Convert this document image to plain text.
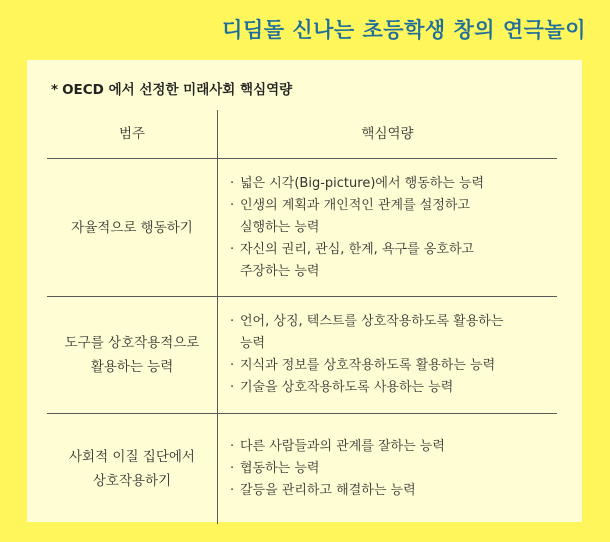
디딤돌 신나는 초등학생 창의 연극놀이
* OECD 에서 선정한 미래사회 핵심역량
범주	핵심역량
자율적으로 행동하기
· 넓은 시각(Big-picture)에서 행동하는 능력
· 인생의 계획과 개인적인 관계를 설정하고
실행하는 능력
· 자신의 권리, 관심, 한계, 욕구를 옹호하고
주장하는 능력
도구를 상호작용적으로
활용하는 능력
· 언어, 상징, 텍스트를 상호작용하도록 활용하는
능력
· 지식과 정보를 상호작용하도록 활용하는 능력
· 기술을 상호작용하도록 사용하는 능력
사회적 이질 집단에서
상호작용하기
· 다른 사람들과의 관계를 잘하는 능력
· 협동하는 능력
· 갈등을 관리하고 해결하는 능력
